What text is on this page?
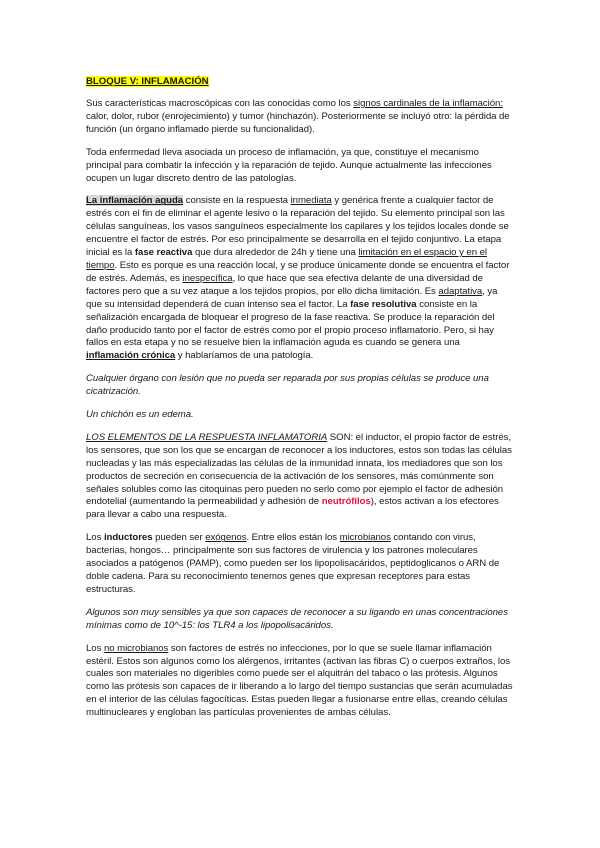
BLOQUE V: INFLAMACIÓN

Sus características macroscópicas con las conocidas como los signos cardinales de la inflamación: calor, dolor, rubor (enrojecimiento) y tumor (hinchazón). Posteriormente se incluyó otro: la pérdida de función (un órgano inflamado pierde su funcionalidad).

Toda enfermedad lleva asociada un proceso de inflamación, ya que, constituye el mecanismo principal para combatir la infección y la reparación de tejido. Aunque actualmente las infecciones ocupen un lugar discreto dentro de las patologías.

La inflamación aguda consiste en la respuesta inmediata y genérica frente a cualquier factor de estrés con el fin de eliminar el agente lesivo o la reparación del tejido. Su elemento principal son las células sanguíneas, los vasos sanguíneos especialmente los capilares y los tejidos locales donde se encuentre el factor de estrés. Por eso principalmente se desarrolla en el tejido conjuntivo. La etapa inicial es la fase reactiva que dura alrededor de 24h y tiene una limitación en el espacio y en el tiempo. Esto es porque es una reacción local, y se produce únicamente donde se encuentra el factor de estrés. Además, es inespecífica, lo que hace que sea efectiva delante de una diversidad de factores pero que a su vez ataque a los tejidos propios, por ello dicha limitación. Es adaptativa, ya que su intensidad dependerá de cuan intenso sea el factor. La fase resolutiva consiste en la señalización encargada de bloquear el progreso de la fase reactiva. Se produce la reparación del daño producido tanto por el factor de estrés como por el propio proceso inflamatorio. Pero, si hay fallos en esta etapa y no se resuelve bien la inflamación aguda es cuando se genera una inflamación crónica y hablaríamos de una patología.

Cualquier órgano con lesión que no pueda ser reparada por sus propias células se produce una cicatrización.

Un chichón es un edema.

LOS ELEMENTOS DE LA RESPUESTA INFLAMATORIA SON: el inductor, el propio factor de estrés, los sensores, que son los que se encargan de reconocer a los inductores, estos son todas las células nucleadas y las más especializadas las células de la inmunidad innata, los mediadores que son los productos de secreción en consecuencia de la activación de los sensores, más comúnmente son señales solubles como las citoquinas pero pueden no serlo como por ejemplo el factor de adhesión endotelial (aumentando la permeabilidad y adhesión de neutrófilos), estos activan a los efectores para llevar a cabo una respuesta.

Los inductores pueden ser exógenos. Entre ellos están los microbianos contando con virus, bacterias, hongos… principalmente son sus factores de virulencia y los patrones moleculares asociados a patógenos (PAMP), como pueden ser los lipopolisacáridos, peptidoglicanos o ARN de doble cadena. Para su reconocimiento tenemos genes que expresan receptores para estas estructuras.

Algunos son muy sensibles ya que son capaces de reconocer a su ligando en unas concentraciones mínimas como de 10^-15: los TLR4 a los lipopolisacáridos.

Los no microbianos son factores de estrés no infecciones, por lo que se suele llamar inflamación estéril. Estos son algunos como los alérgenos, irritantes (activan las fibras C) o cuerpos extraños, los cuales son materiales no digeribles como puede ser el alquitrán del tabaco o las prótesis. Algunos como las prótesis son capaces de ir liberando a lo largo del tiempo sustancias que serán acumuladas en el interior de las células fagocíticas. Estas pueden llegar a fusionarse entre ellas, creando células multinucleares y engloban las partículas provenientes de ambas células.
